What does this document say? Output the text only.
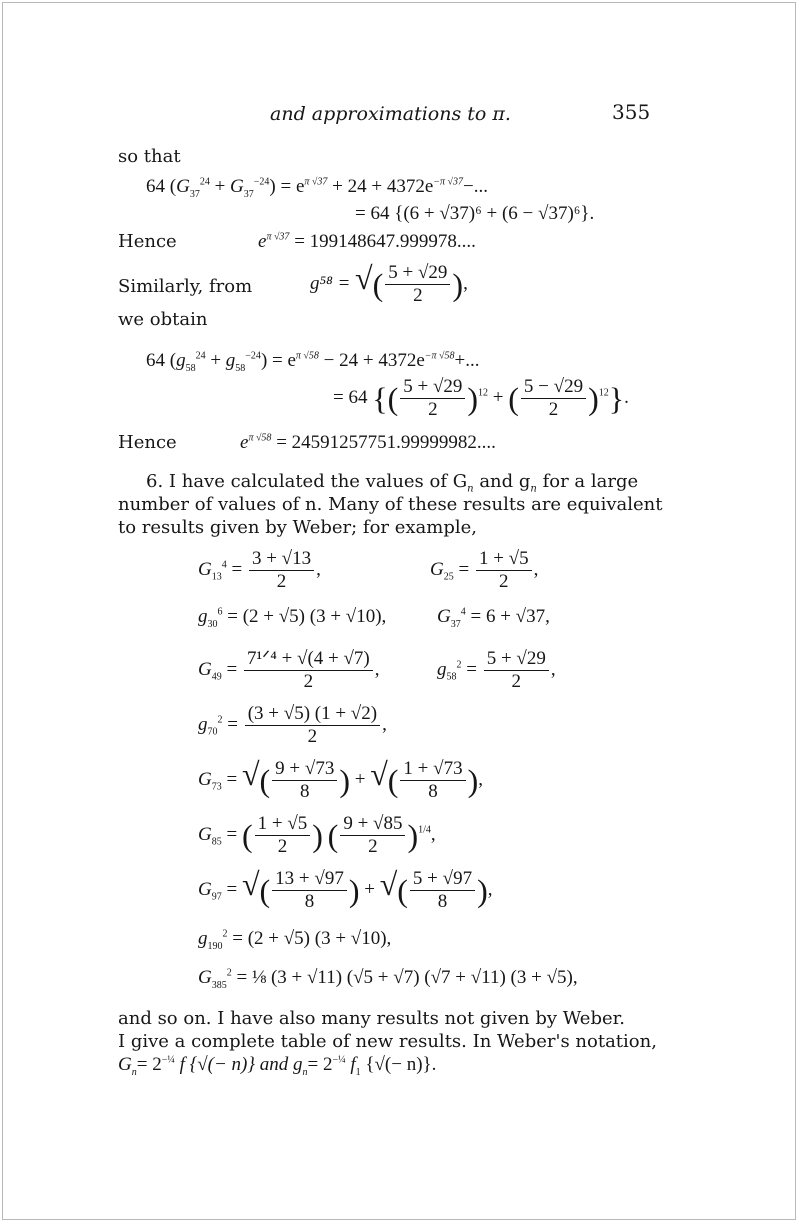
and approximations to π.	355
so that
64 $(G_{37}^{24} + G_{37}^{-24}) = e^{\pi √37} + 24 + 4372e^{-\pi √37}-$...
= 64 {(6 + √37)⁶ + (6 − √37)⁶}.
Hence	$e^{\pi √37} = 199148647.999978$....
Similarly, from	g⁵⁸ = √( $\frac{5 + √29}{2}$ ),
we obtain
64 $(g_{58}^{24} + g_{58}^{-24}) = e^{\pi √58} - 24 + 4372e^{-\pi √58}+$...
= 64 {( $\frac{5 + √29}{2} )^{12}$ + ( $\frac{5 - √29}{2} )^{12}$}.
Hence	$e^{\pi √58} = 24591257751.99999982$....
6. I have calculated the values of $G_n$ and $g_n$ for a large
number of values of n. Many of these results are equivalent
to results given by Weber; for example,
$G_{13}^4 = \frac{3 + √13}{2}$ ,	$G_{25} = \frac{1 + √5}{2}$ ,
$g_{30}^6 = (2 + √5) (3 + √10)$,	$G_{37}^4 = 6 + √37$,
$G_{49} = \frac{\text{7¹ᐟ⁴ + √(4 + √7)}}{2}$ ,	$g_{58}^2 = \frac{5 + √29}{2}$ ,
$g_{70}^2 = \frac{(3 + √5) (1 + √2)}{2}$ ,
$G_{73}$ = √( $\frac{9 + √73}{8}$ ) + √( $\frac{1 + √73}{8}$ ),
$G_{85}$ = ( $\frac{1 + √5}{2}$ ) ( $\frac{9 + √85}{2} )^{1/4}$,
$G_{97}$ = √( $\frac{13 + √97}{8}$ ) + √( $\frac{5 + √97}{8}$ ),
$g_{190}^2 = (2 + √5) (3 + √10)$,
$G_{385}^2$ = ⅛ (3 + √11) (√5 + √7) (√7 + √11) (3 + √5),
and so on. I have also many results not given by Weber.
I give a complete table of new results. In Weber's notation,
$G_n= 2^{-\frac{1}{4}}$ f {√(− n)} and $g_n= 2^{-\frac{1}{4}}$ $f_1$ {√(− n)}.
